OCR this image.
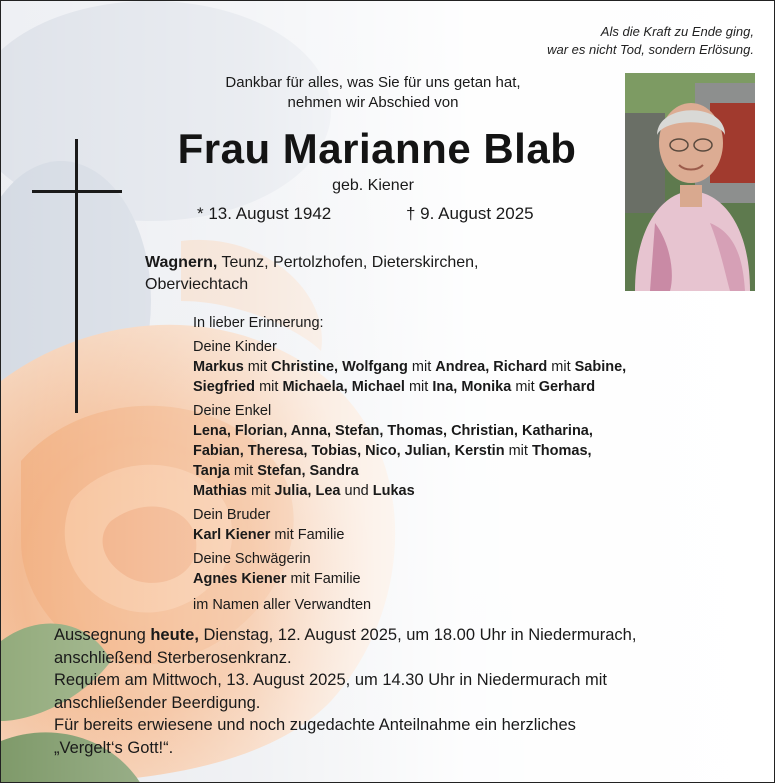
Als die Kraft zu Ende ging,
war es nicht Tod, sondern Erlösung.
Dankbar für alles, was Sie für uns getan hat,
nehmen wir Abschied von
Frau Marianne Blab
geb. Kiener
* 13. August 1942	† 9. August 2025
Wagnern, Teunz, Pertolzhofen, Dieterskirchen,
Oberviechtach
In lieber Erinnerung:
Deine Kinder
Markus mit Christine, Wolfgang mit Andrea, Richard mit Sabine,
Siegfried mit Michaela, Michael mit Ina, Monika mit Gerhard
Deine Enkel
Lena, Florian, Anna, Stefan, Thomas, Christian, Katharina,
Fabian, Theresa, Tobias, Nico, Julian, Kerstin mit Thomas,
Tanja mit Stefan, Sandra
Mathias mit Julia, Lea und Lukas
Dein Bruder
Karl Kiener mit Familie
Deine Schwägerin
Agnes Kiener mit Familie
im Namen aller Verwandten
Aussegnung heute, Dienstag, 12. August 2025, um 18.00 Uhr in Niedermurach,
anschließend Sterberosenkranz.
Requiem am Mittwoch, 13. August 2025, um 14.30 Uhr in Niedermurach mit
anschließender Beerdigung.
Für bereits erwiesene und noch zugedachte Anteilnahme ein herzliches
„Vergelt‘s Gott!“.
